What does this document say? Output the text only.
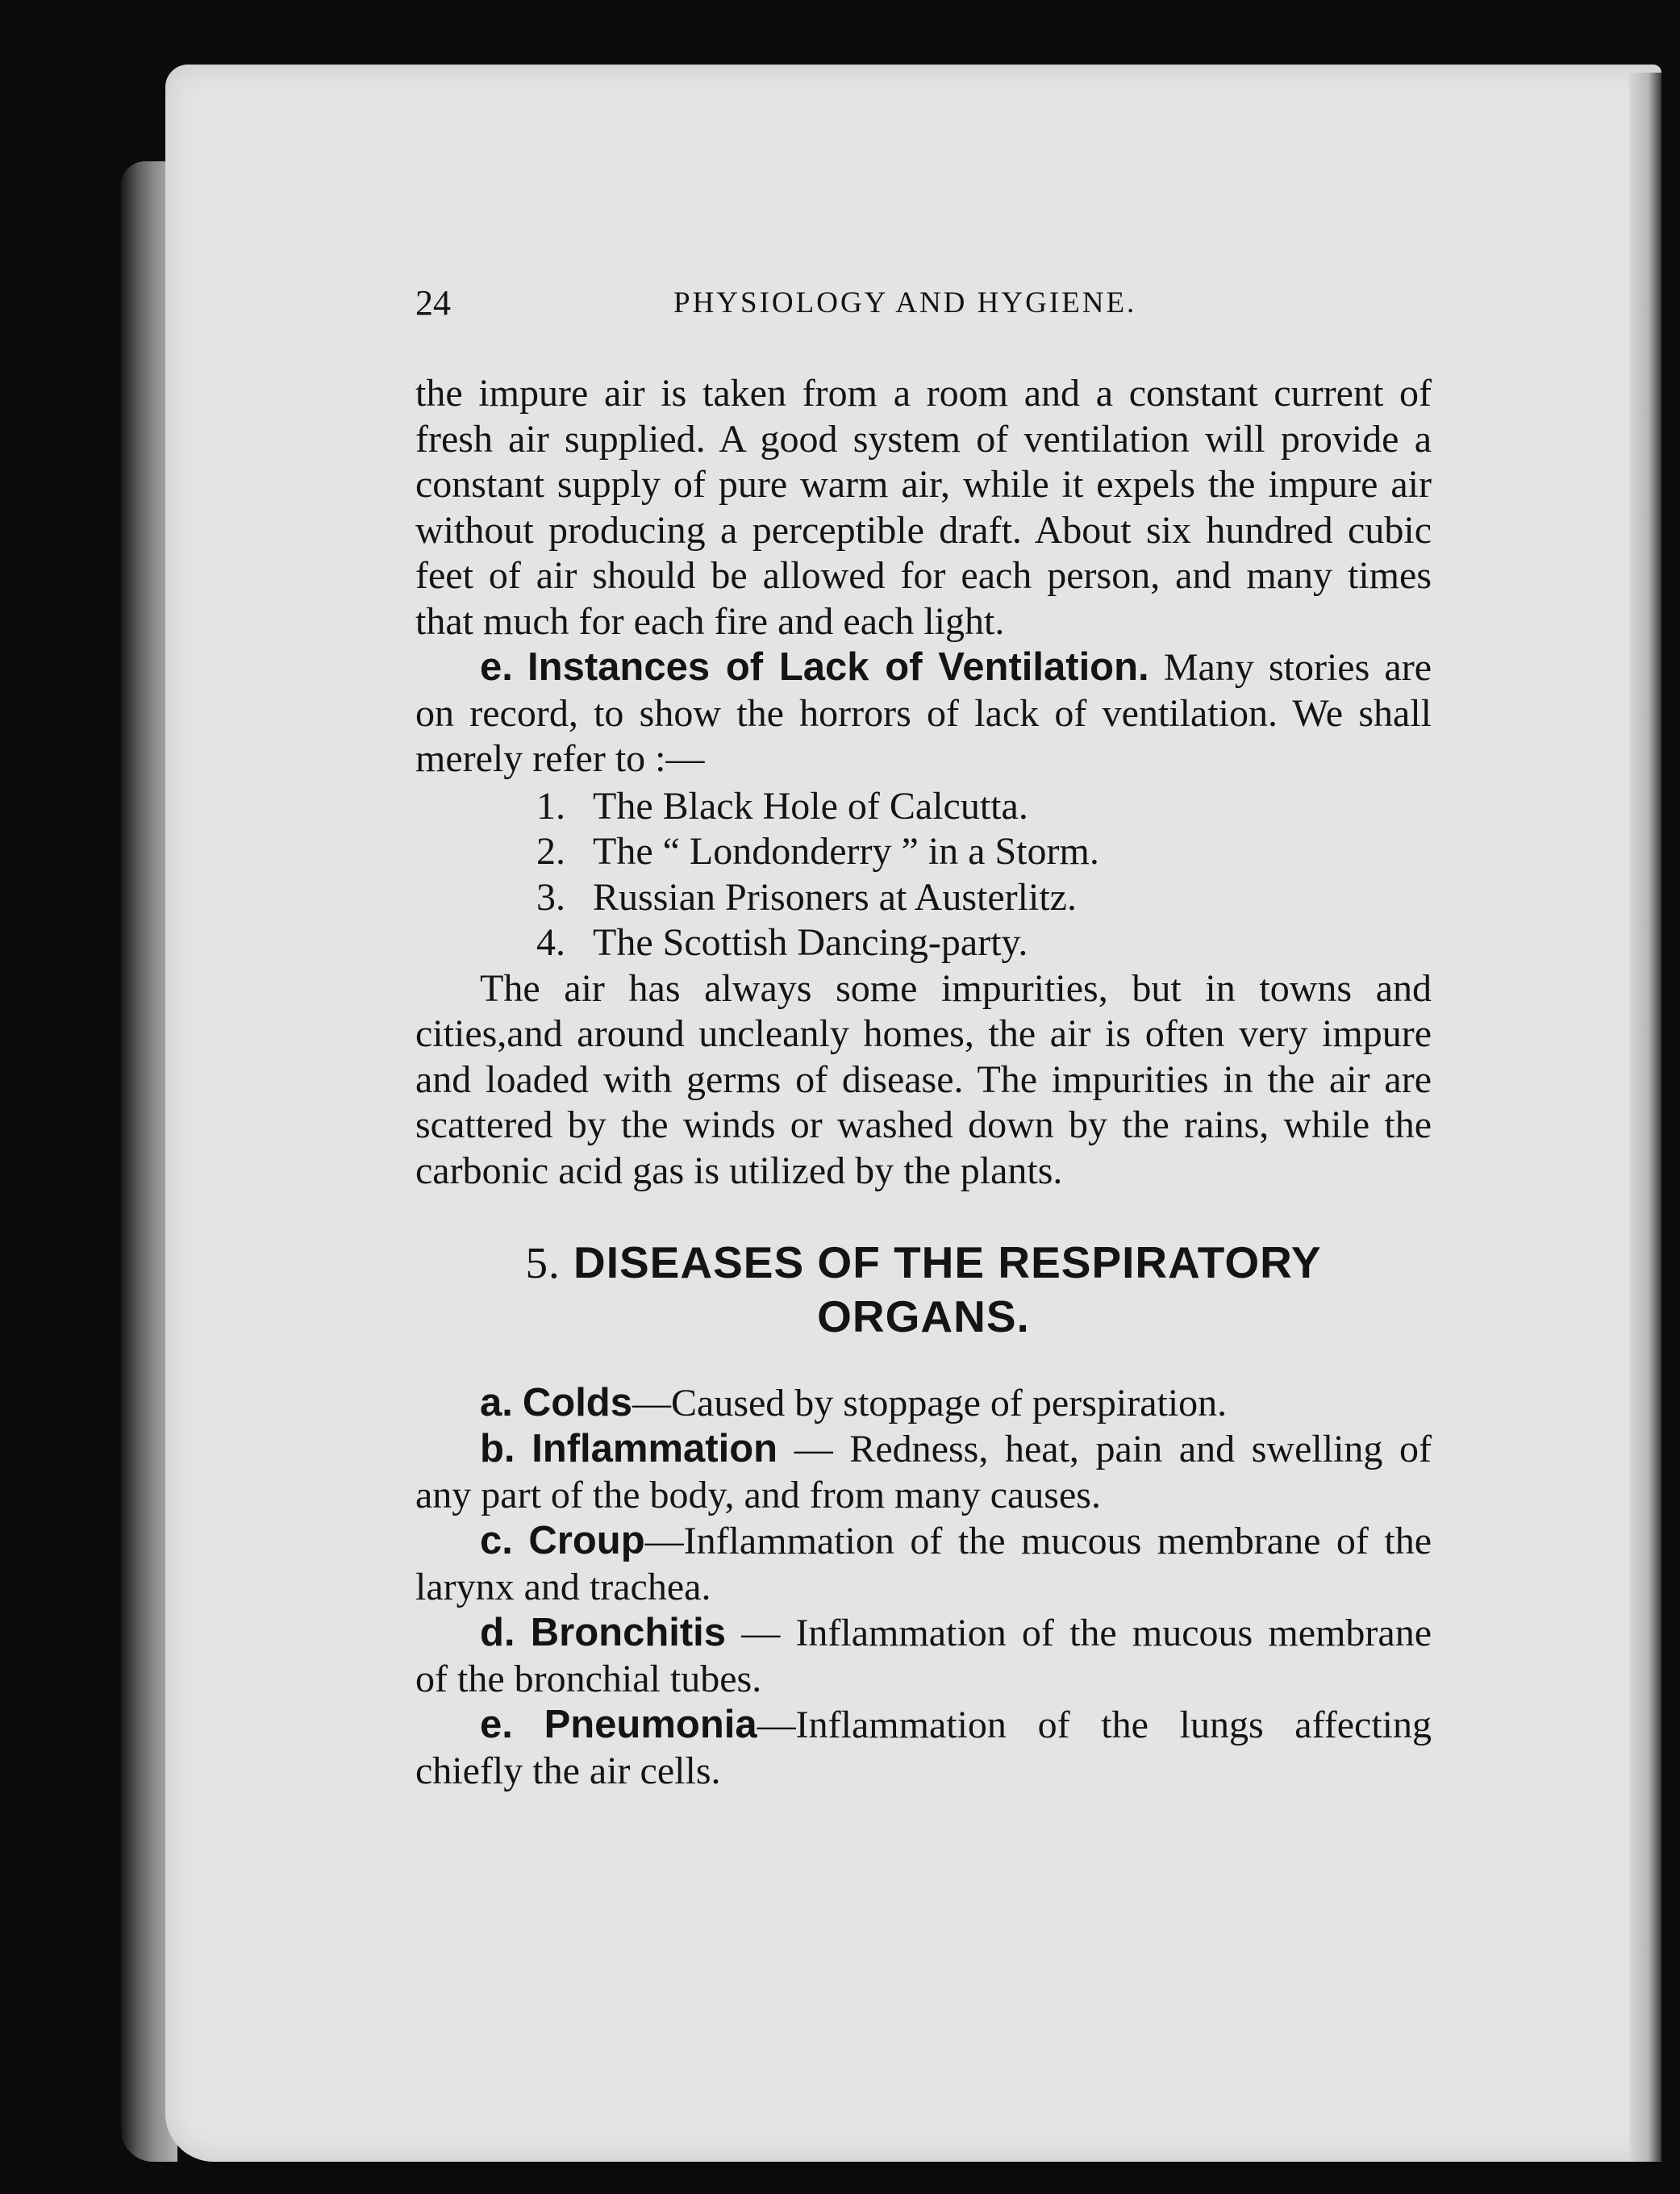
24	PHYSIOLOGY AND HYGIENE.

the impure air is taken from a room and a constant current of fresh air supplied. A good system of ventilation will provide a constant supply of pure warm air, while it expels the impure air without producing a perceptible draft. About six hundred cubic feet of air should be allowed for each person, and many times that much for each fire and each light.

e. Instances of Lack of Ventilation. Many stories are on record, to show the horrors of lack of ventilation. We shall merely refer to :—

1. The Black Hole of Calcutta.
2. The “ Londonderry ” in a Storm.
3. Russian Prisoners at Austerlitz.
4. The Scottish Dancing-party.

The air has always some impurities, but in towns and cities,and around uncleanly homes, the air is often very impure and loaded with germs of disease. The impurities in the air are scattered by the winds or washed down by the rains, while the carbonic acid gas is utilized by the plants.

5. DISEASES OF THE RESPIRATORY
ORGANS.

a. Colds—Caused by stoppage of perspiration.

b. Inflammation — Redness, heat, pain and swelling of any part of the body, and from many causes.

c. Croup—Inflammation of the mucous membrane of the larynx and trachea.

d. Bronchitis — Inflammation of the mucous membrane of the bronchial tubes.

e. Pneumonia—Inflammation of the lungs affecting chiefly the air cells.
